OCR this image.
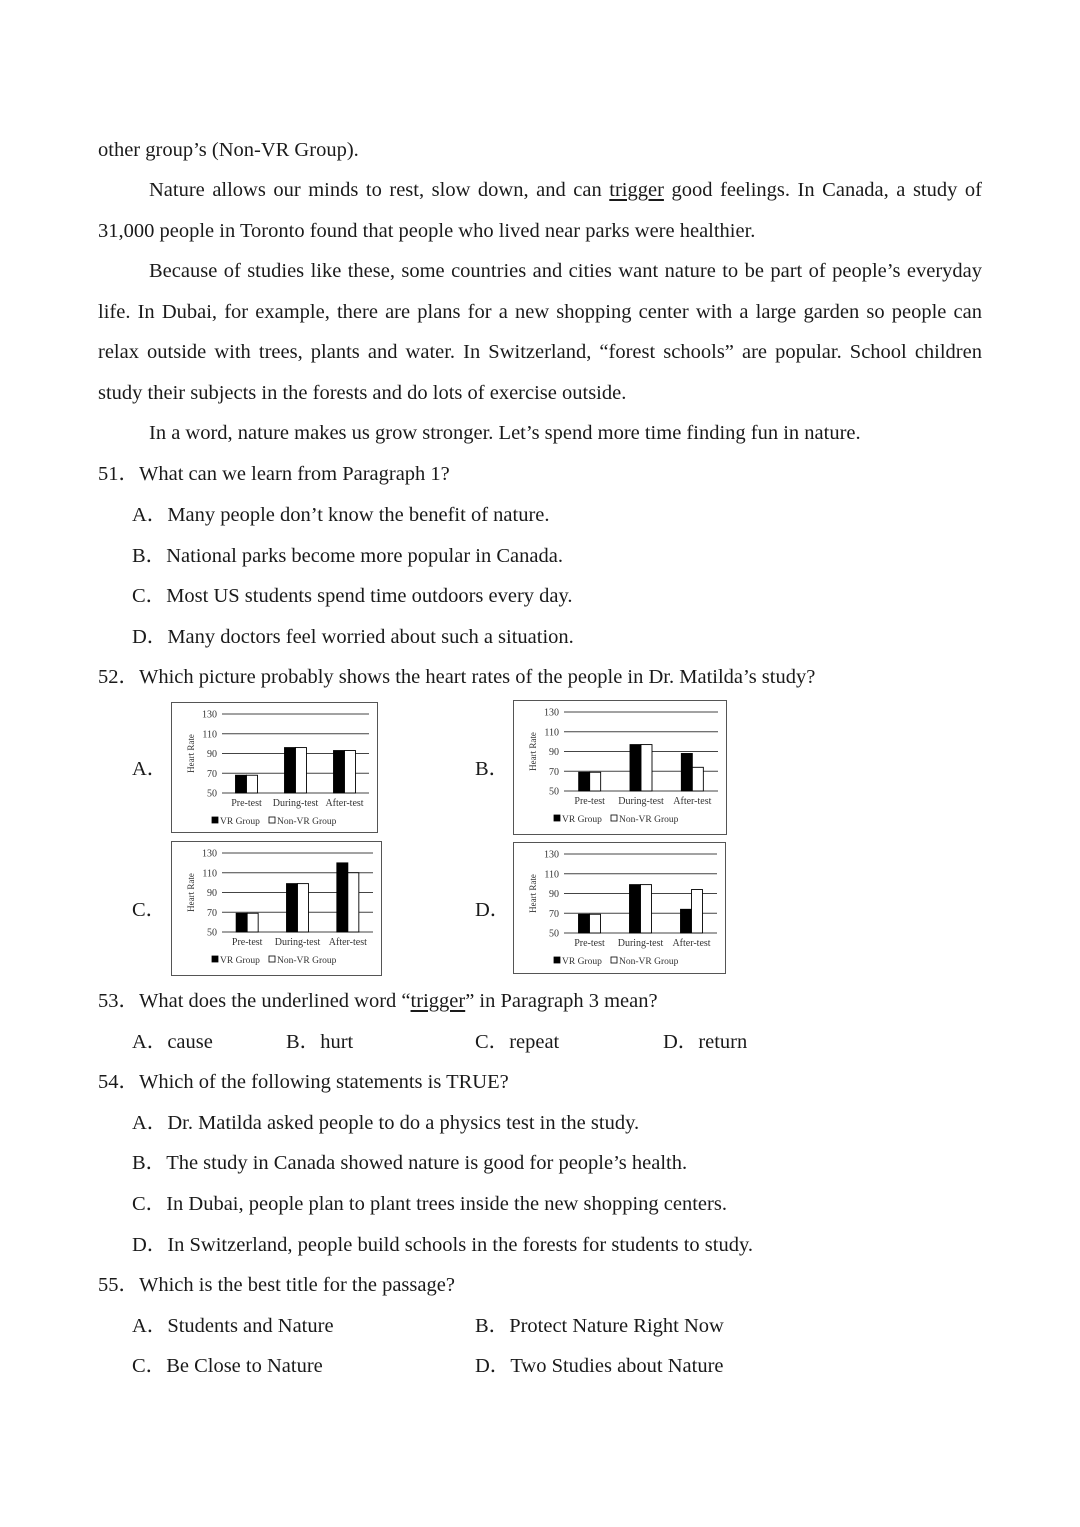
other group’s (Non-VR Group).

Nature allows our minds to rest, slow down, and can trigger good feelings. In Canada, a study of 31,000 people in Toronto found that people who lived near parks were healthier.

Because of studies like these, some countries and cities want nature to be part of people’s everyday life. In Dubai, for example, there are plans for a new shopping center with a large garden so people can relax outside with trees, plants and water. In Switzerland, “forest schools” are popular. School children study their subjects in the forests and do lots of exercise outside.

In a word, nature makes us grow stronger. Let’s spend more time finding fun in nature.

51．What can we learn from Paragraph 1?
A．Many people don’t know the benefit of nature.
B．National parks become more popular in Canada.
C．Most US students spend time outdoors every day.
D．Many doctors feel worried about such a situation.
52．Which picture probably shows the heart rates of the people in Dr. Matilda’s study?
A．	B．
C．	D．
Heart Rate
130
110
90
70
50
Pre-test During-test After-test
VR Group Non-VR Group
Heart Rate
130
110
90
70
50
Pre-test During-test After-test
VR Group Non-VR Group
Heart Rate
130
110
90
70
50
Pre-test During-test After-test
VR Group Non-VR Group
Heart Rate
130
110
90
70
50
Pre-test During-test After-test
VR Group Non-VR Group
53．What does the underlined word “trigger” in Paragraph 3 mean?
A．cause	B．hurt	C．repeat	D．return
54．Which of the following statements is TRUE?
A．Dr. Matilda asked people to do a physics test in the study.
B．The study in Canada showed nature is good for people’s health.
C．In Dubai, people plan to plant trees inside the new shopping centers.
D．In Switzerland, people build schools in the forests for students to study.
55．Which is the best title for the passage?
A．Students and Nature	B．Protect Nature Right Now
C．Be Close to Nature	D．Two Studies about Nature
